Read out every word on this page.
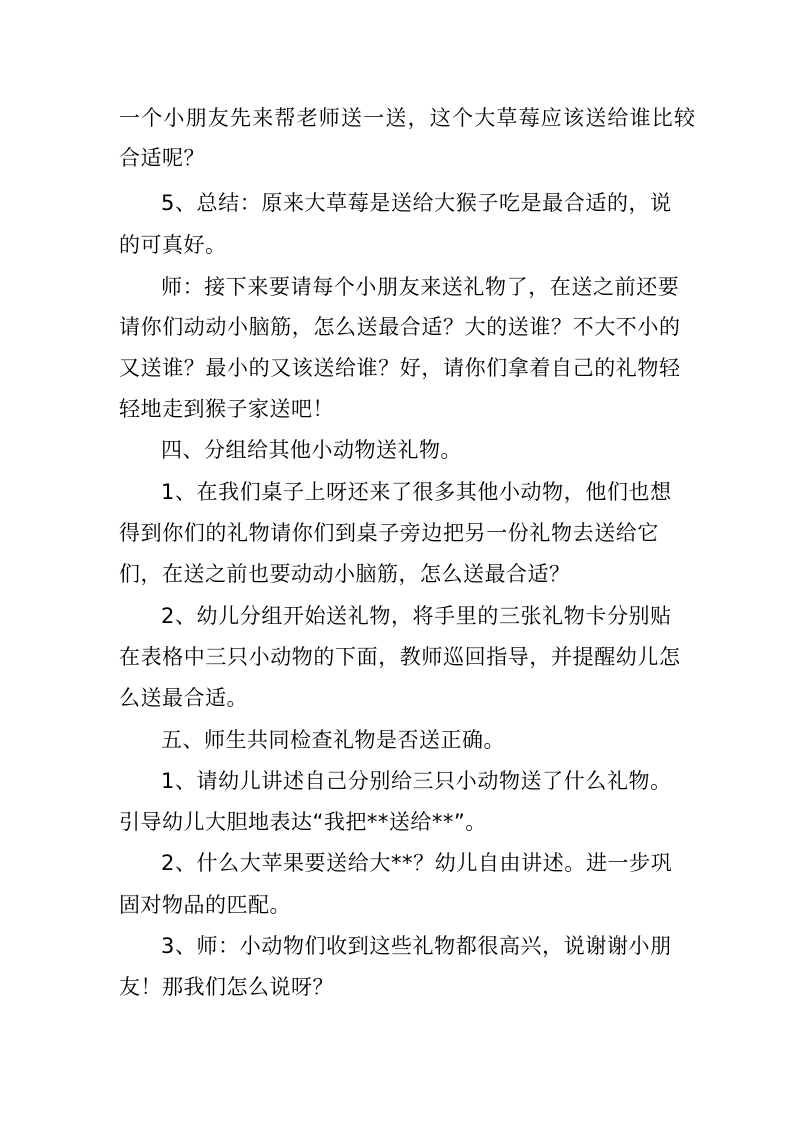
一个小朋友先来帮老师送一送，这个大草莓应该送给谁比较
合适呢？
5、总结：原来大草莓是送给大猴子吃是最合适的，说
的可真好。
师：接下来要请每个小朋友来送礼物了，在送之前还要
请你们动动小脑筋，怎么送最合适？大的送谁？不大不小的
又送谁？最小的又该送给谁？好，请你们拿着自己的礼物轻
轻地走到猴子家送吧！
四、分组给其他小动物送礼物。
1、在我们桌子上呀还来了很多其他小动物，他们也想
得到你们的礼物请你们到桌子旁边把另一份礼物去送给它
们，在送之前也要动动小脑筋，怎么送最合适？
2、幼儿分组开始送礼物，将手里的三张礼物卡分别贴
在表格中三只小动物的下面，教师巡回指导，并提醒幼儿怎
么送最合适。
五、师生共同检查礼物是否送正确。
1、请幼儿讲述自己分别给三只小动物送了什么礼物。
引导幼儿大胆地表达“我把**送给**”。
2、什么大苹果要送给大**？幼儿自由讲述。进一步巩
固对物品的匹配。
3、师：小动物们收到这些礼物都很高兴，说谢谢小朋
友！那我们怎么说呀？
